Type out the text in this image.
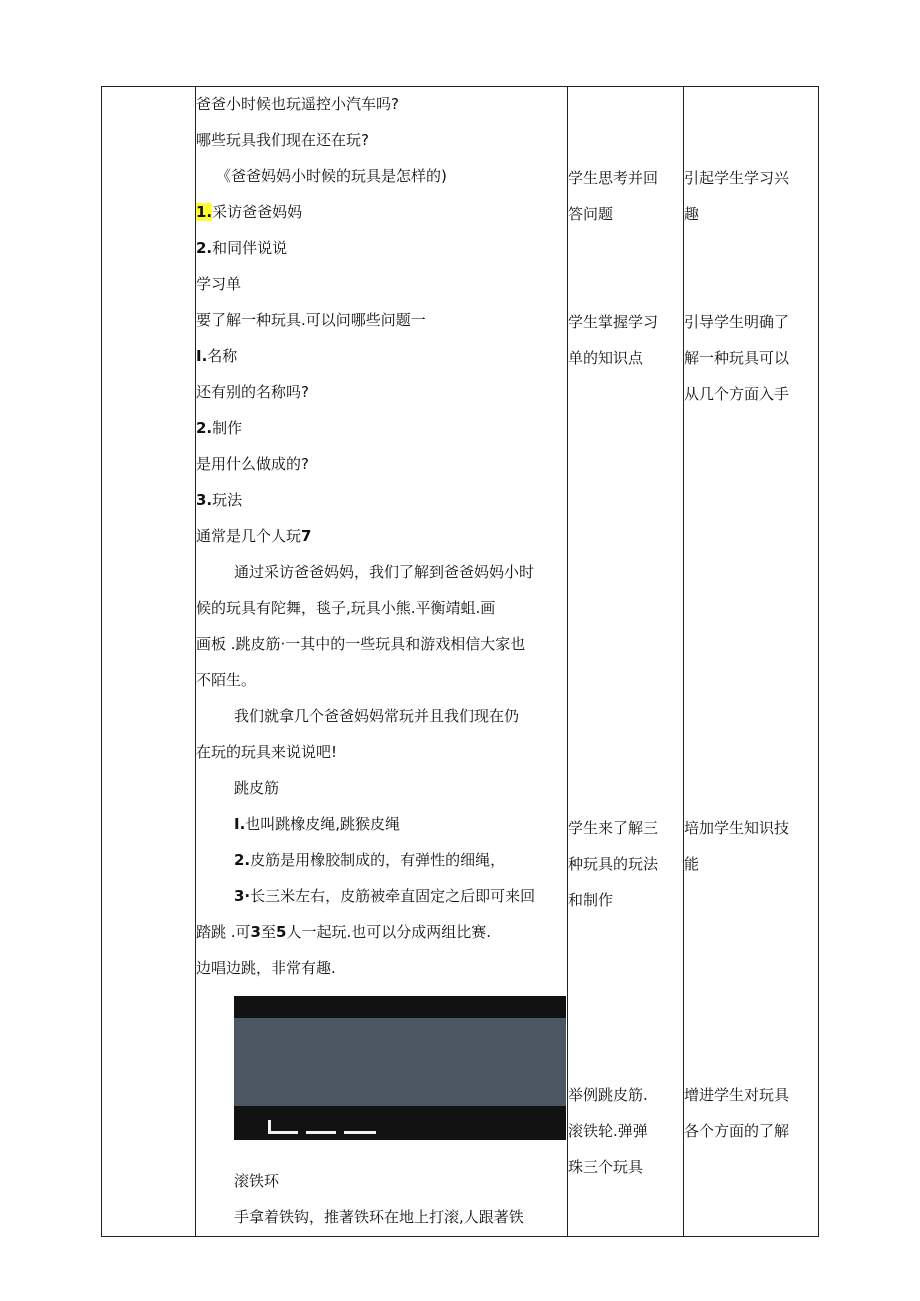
爸爸小时候也玩遥控小汽车吗?
哪些玩具我们现在还在玩?
《爸爸妈妈小时候的玩具是怎样的)
1.采访爸爸妈妈
2.和同伴说说
学习单
要了解一种玩具.可以问哪些问题一
I.名称
还有别的名称吗?
2.制作
是用什么做成的?
3.玩法
通常是几个人玩7
通过采访爸爸妈妈，我们了解到爸爸妈妈小时
候的玩具有陀舞，毯子,玩具小熊.平衡靖蛆.画
画板 .跳皮筋·一其中的一些玩具和游戏相信大家也
不陌生。
我们就拿几个爸爸妈妈常玩并且我们现在仍
在玩的玩具来说说吧!
跳皮筋
I.也叫跳橡皮绳,跳猴皮绳
2.皮筋是用橡胶制成的，有弹性的细绳，
3·长三米左右，皮筋被牵直固定之后即可来回
踏跳 .可3至5人一起玩.也可以分成两组比赛.
边唱边跳，非常有趣.
滚铁环
手拿着铁钩，推著铁环在地上打滚,人跟著铁
学生思考并回
答问题
学生掌握学习
单的知识点
学生来了解三
种玩具的玩法
和制作
举例跳皮筋.
滚铁轮.弹弹
珠三个玩具
引起学生学习兴
趣
引导学生明确了
解一种玩具可以
从几个方面入手
培加学生知识技
能
增进学生对玩具
各个方面的了解
